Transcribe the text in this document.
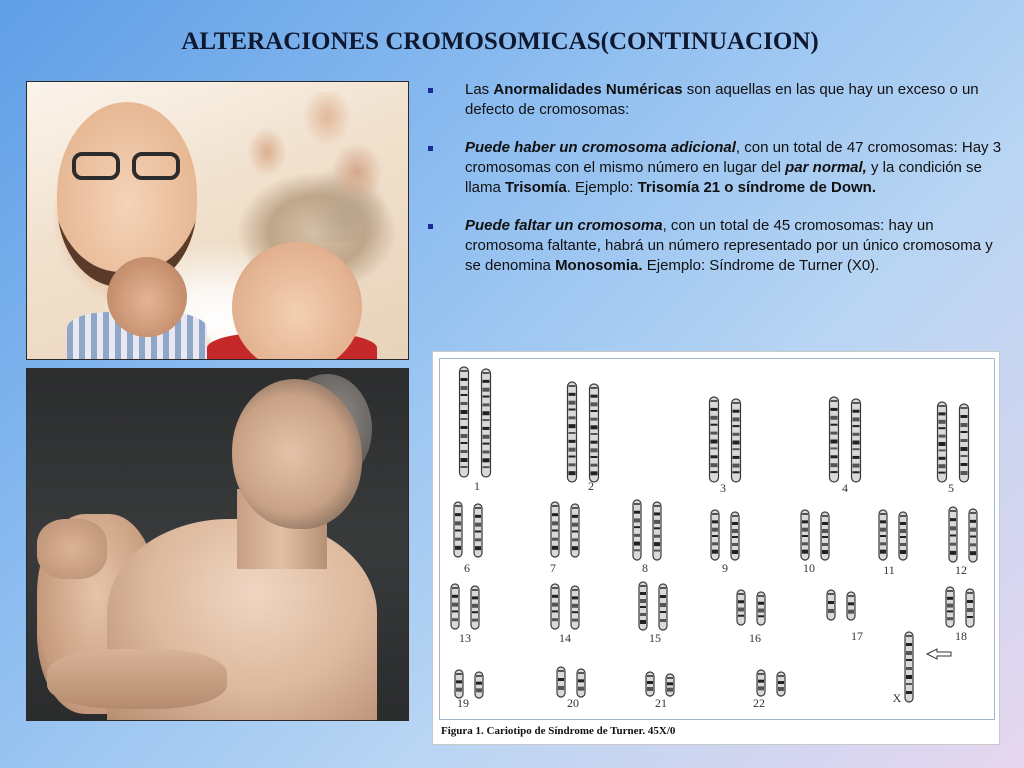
ALTERACIONES CROMOSOMICAS(CONTINUACION)
Las Anormalidades Numéricas son aquellas en las que hay un exceso o un defecto de cromosomas:
Puede haber un cromosoma adicional, con un total de 47 cromosomas: Hay 3 cromosomas con el mismo número en lugar del par normal, y la condición se llama Trisomía. Ejemplo: Trisomía 21 o síndrome de Down.
Puede faltar un cromosoma, con un total de 45 cromosomas: hay un cromosoma faltante, habrá un número representado por un único cromosoma y se denomina Monosomia. Ejemplo: Síndrome de Turner (X0).
1	2	3	4	5
6	7	8	9	10	11	12
13	14	15	16	17	18
19	20	21	22	X
Figura 1. Cariotipo de Síndrome de Turner. 45X/0
